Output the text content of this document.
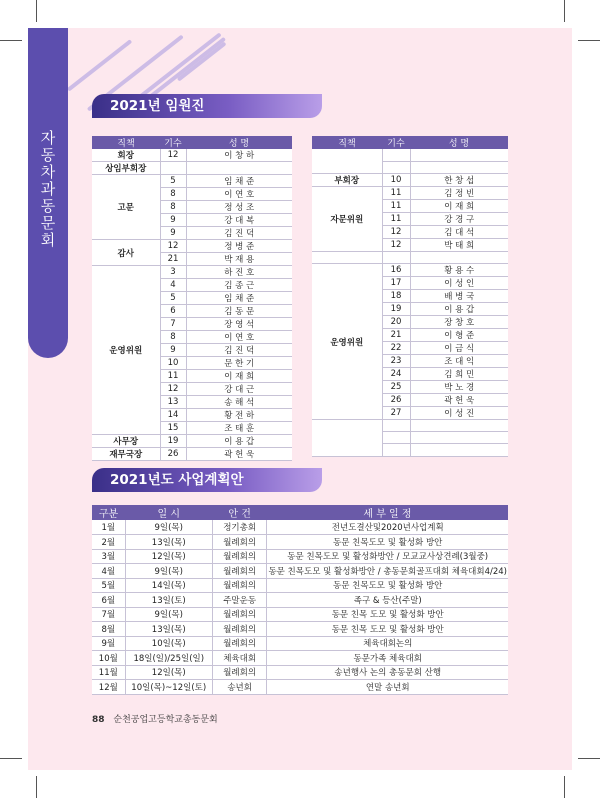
자동차과동문회
2021년 임원진
직책	기수	성 명
회장	12	이 창 하
상임부회장		
고문	5	임 채 준
	8	이 연 호
	8	정 성 조
	9	강 대 복
	9	김 진 덕
감사	12	정 병 준
	21	박 재 용
운영위원	3	하 진 호
	4	김 종 근
	5	임 채 준
	6	김 동 문
	7	장 영 석
	8	이 연 호
	9	김 진 덕
	10	문 한 기
	11	이 재 희
	12	강 대 근
	13	송 해 석
	14	황 전 하
	15	조 태 훈
사무장	19	이 용 갑
재무국장	26	곽 헌 욱
직책	기수	성 명

부회장	10	한 창 섭
자문위원	11	김 정 빈
	11	이 재 희
	11	강 경 구
	12	김 대 석
	12	박 태 희

운영위원	16	황 용 수
	17	이 성 인
	18	배 병 국
	19	이 용 갑
	20	장 창 호
	21	이 형 준
	22	이 금 식
	23	조 대 익
	24	김 희 민
	25	박 노 경
	26	곽 헌 욱
	27	이 성 진

2021년도 사업계획안
구분	일 시	안 건	세 부 일 정
1월	9일(목)	정기총회	전년도결산및2020년사업계획
2월	13일(목)	월례회의	동문 친목도모 및 활성화 방안
3월	12일(목)	월례회의	동문 친목도모 및 활성화방안 / 모교교사상견례(3월중)
4월	9일(목)	월례회의	동문 친목도모 및 활성화방안 / 총동문회골프대회 체육대회4/24)
5월	14일(목)	월례회의	동문 친목도모 및 활성화 방안
6월	13일(토)	주말운동	족구 & 등산(주말)
7월	9일(목)	월례회의	동문 친목 도모 및 활성화 방안
8월	13일(목)	월례회의	동문 친목 도모 및 활성화 방안
9월	10일(목)	월례회의	체육대회논의
10월	18일(일)/25일(일)	체육대회	동문가족 체육대회
11월	12일(목)	월례회의	송년행사 논의 총동문회 산행
12월	10일(목)~12일(토)	송년회	연말 송년회
88 순천공업고등학교총동문회
